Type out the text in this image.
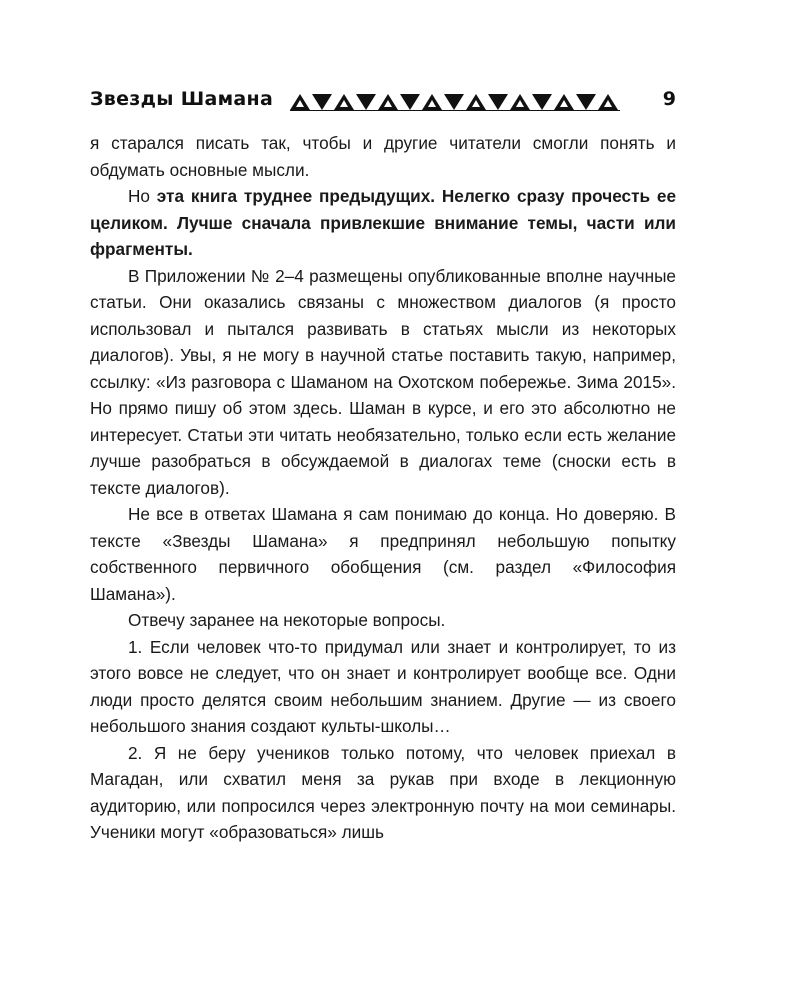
Звезды Шамана	9

я старался писать так, чтобы и другие читатели смогли понять и обдумать основные мысли.

Но эта книга труднее предыдущих. Нелегко сразу прочесть ее целиком. Лучше сначала привлекшие внимание темы, части или фрагменты.

В Приложении № 2–4 размещены опубликованные вполне научные статьи. Они оказались связаны с множеством диалогов (я просто использовал и пытался развивать в статьях мысли из некоторых диалогов). Увы, я не могу в научной статье поставить такую, например, ссылку: «Из разговора с Шаманом на Охотском побережье. Зима 2015». Но прямо пишу об этом здесь. Шаман в курсе, и его это абсолютно не интересует. Статьи эти читать необязательно, только если есть желание лучше разобраться в обсуждаемой в диалогах теме (сноски есть в тексте диалогов).

Не все в ответах Шамана я сам понимаю до конца. Но доверяю. В тексте «Звезды Шамана» я предпринял небольшую попытку собственного первичного обобщения (см. раздел «Философия Шамана»).

Отвечу заранее на некоторые вопросы.

1. Если человек что-то придумал или знает и контролирует, то из этого вовсе не следует, что он знает и контролирует вообще все. Одни люди просто делятся своим небольшим знанием. Другие — из своего небольшого знания создают культы-школы…

2. Я не беру учеников только потому, что человек приехал в Магадан, или схватил меня за рукав при входе в лекционную аудиторию, или попросился через электронную почту на мои семинары. Ученики могут «образоваться» лишь
